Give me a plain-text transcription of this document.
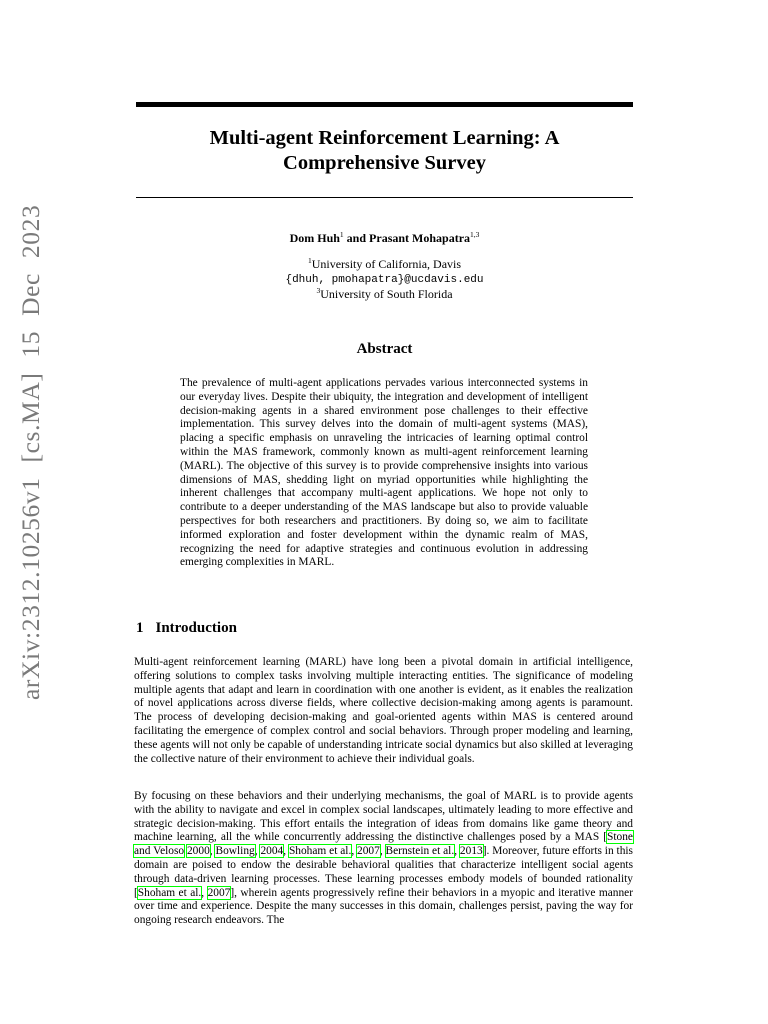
arXiv:2312.10256v1 [cs.MA] 15 Dec 2023
Multi-agent Reinforcement Learning: A
Comprehensive Survey
Dom Huh$^1$ and Prasant Mohapatra$^{1,3}$
$^1$University of California, Davis
{dhuh, pmohapatra}@ucdavis.edu
$^3$University of South Florida
Abstract

The prevalence of multi-agent applications pervades various interconnected systems in our everyday lives. Despite their ubiquity, the integration and development of intelligent decision-making agents in a shared environment pose challenges to their effective implementation. This survey delves into the domain of multi-agent systems (MAS), placing a specific emphasis on unraveling the intricacies of learning optimal control within the MAS framework, commonly known as multi-agent reinforcement learning (MARL). The objective of this survey is to provide comprehensive insights into various dimensions of MAS, shedding light on myriad opportunities while highlighting the inherent challenges that accompany multi-agent applications. We hope not only to contribute to a deeper understanding of the MAS landscape but also to provide valuable perspectives for both researchers and practitioners. By doing so, we aim to facilitate informed exploration and foster development within the dynamic realm of MAS, recognizing the need for adaptive strategies and continuous evolution in addressing emerging complexities in MARL.

1 Introduction

Multi-agent reinforcement learning (MARL) have long been a pivotal domain in artificial intelligence, offering solutions to complex tasks involving multiple interacting entities. The significance of modeling multiple agents that adapt and learn in coordination with one another is evident, as it enables the realization of novel applications across diverse fields, where collective decision-making among agents is paramount. The process of developing decision-making and goal-oriented agents within MAS is centered around facilitating the emergence of complex control and social behaviors. Through proper modeling and learning, these agents will not only be capable of understanding intricate social dynamics but also skilled at leveraging the collective nature of their environment to achieve their individual goals.

By focusing on these behaviors and their underlying mechanisms, the goal of MARL is to provide agents with the ability to navigate and excel in complex social landscapes, ultimately leading to more effective and strategic decision-making. This effort entails the integration of ideas from domains like game theory and machine learning, all the while concurrently addressing the distinctive challenges posed by a MAS [Stone and Veloso 2000, Bowling, 2004, Shoham et al., 2007, Bernstein et al., 2013]. Moreover, future efforts in this domain are poised to endow the desirable behavioral qualities that characterize intelligent social agents through data-driven learning processes. These learning processes embody models of bounded rationality [Shoham et al., 2007], wherein agents progressively refine their behaviors in a myopic and iterative manner over time and experience. Despite the many successes in this domain, challenges persist, paving the way for ongoing research endeavors. The
